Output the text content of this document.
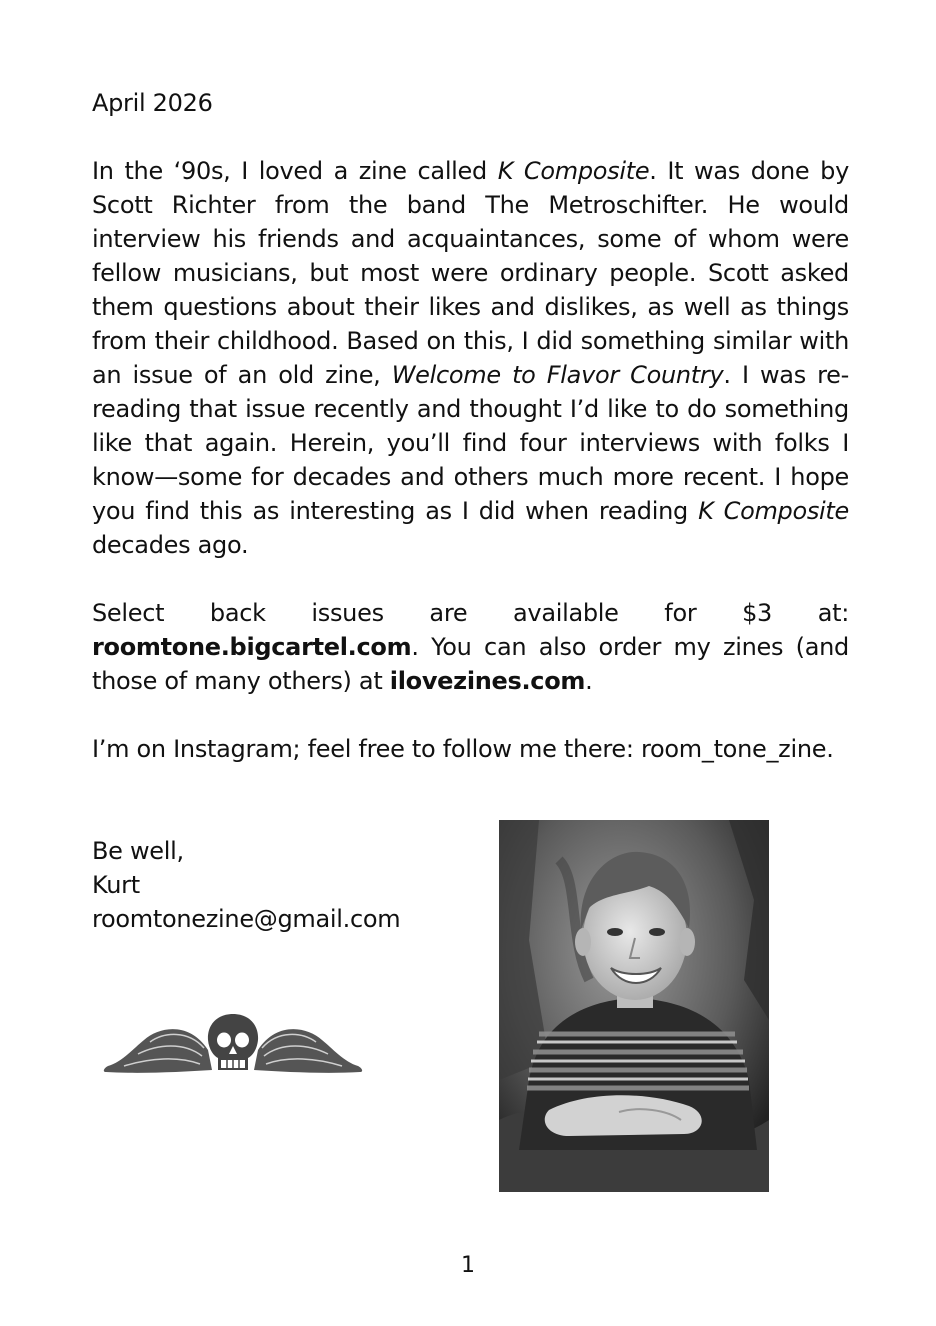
April 2026

In the ‘90s, I loved a zine called K Composite. It was done by Scott Richter from the band The Metroschifter. He would interview his friends and acquaintances, some of whom were fellow musicians, but most were ordinary people. Scott asked them questions about their likes and dislikes, as well as things from their childhood. Based on this, I did something similar with an issue of an old zine, Welcome to Flavor Country. I was re-reading that issue recently and thought I’d like to do something like that again. Herein, you’ll find four interviews with folks I know—some for decades and others much more recent. I hope you find this as interesting as I did when reading K Composite decades ago.

Select back issues are available for $3 at: roomtone.bigcartel.com. You can also order my zines (and those of many others) at ilovezines.com.

I’m on Instagram; feel free to follow me there: room_tone_zine.

Be well,
Kurt
roomtonezine@gmail.com
1
